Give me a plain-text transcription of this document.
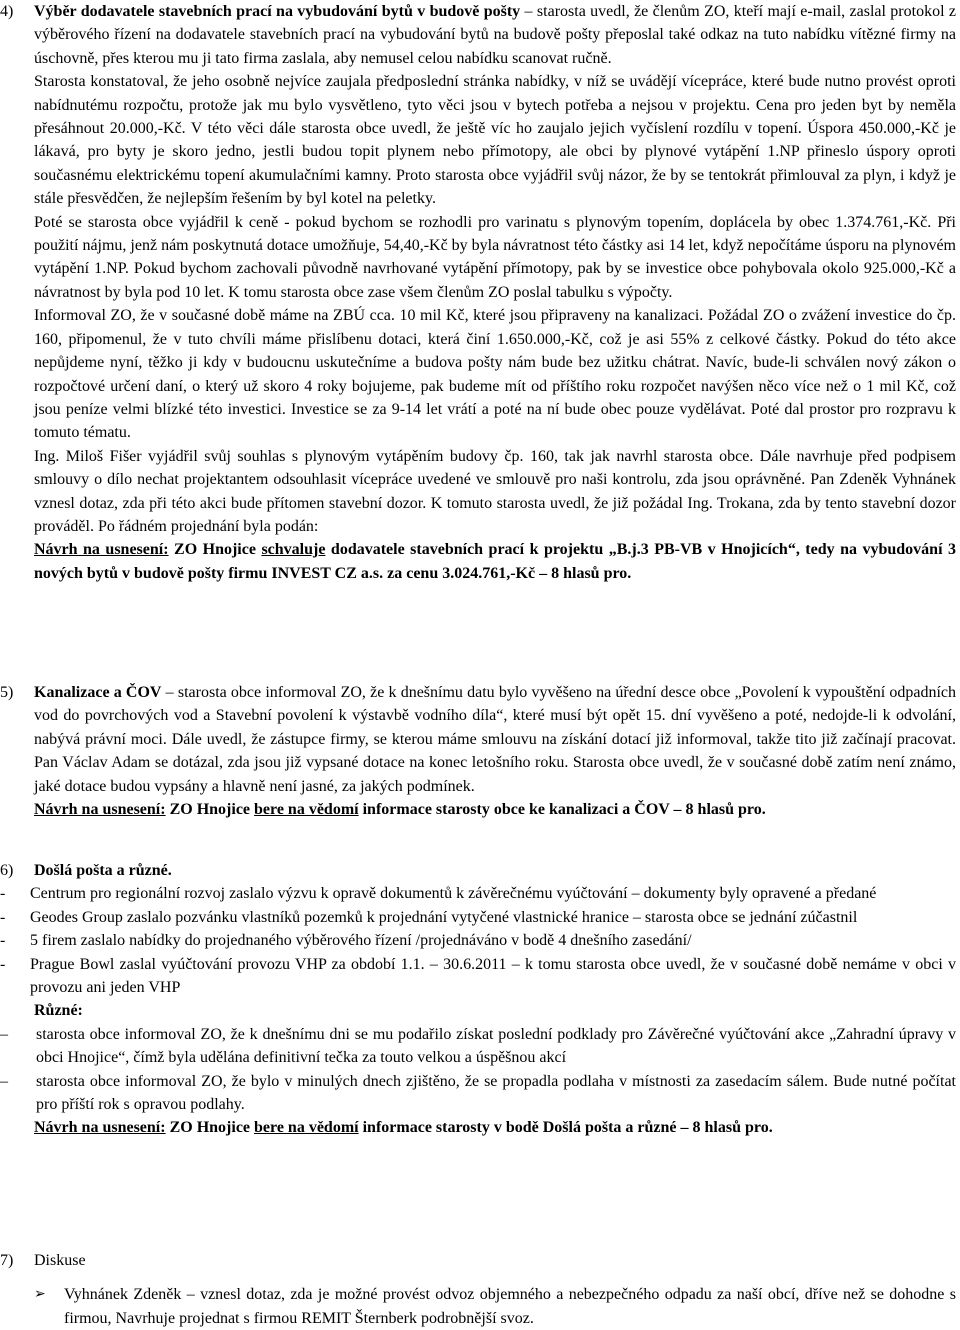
4)	Výběr dodavatele stavebních prací na vybudování bytů v budově pošty – starosta uvedl, že členům ZO, kteří mají e-mail, zaslal protokol z výběrového řízení na dodavatele stavebních prací na vybudování bytů na budově pošty přeposlal také odkaz na tuto nabídku vítězné firmy na úschovně, přes kterou mu ji tato firma zaslala, aby nemusel celou nabídku scanovat ručně.

Starosta konstatoval, že jeho osobně nejvíce zaujala předposlední stránka nabídky, v níž se uvádějí vícepráce, které bude nutno provést oproti nabídnutému rozpočtu, protože jak mu bylo vysvětleno, tyto věci jsou v bytech potřeba a nejsou v projektu. Cena pro jeden byt by neměla přesáhnout 20.000,-Kč. V této věci dále starosta obce uvedl, že ještě víc ho zaujalo jejich vyčíslení rozdílu v topení. Úspora 450.000,-Kč je lákavá, pro byty je skoro jedno, jestli budou topit plynem nebo přímotopy, ale obci by plynové vytápění 1.NP přineslo úspory oproti současnému elektrickému topení akumulačními kamny. Proto starosta obce vyjádřil svůj názor, že by se tentokrát přimlouval za plyn, i když je stále přesvědčen, že nejlepším řešením by byl kotel na peletky.

Poté se starosta obce vyjádřil k ceně - pokud bychom se rozhodli pro varinatu s plynovým topením, doplácela by obec 1.374.761,-Kč. Při použití nájmu, jenž nám poskytnutá dotace umožňuje, 54,40,-Kč by byla návratnost této částky asi 14 let, když nepočítáme úsporu na plynovém vytápění 1.NP. Pokud bychom zachovali původně navrhované vytápění přímotopy, pak by se investice obce pohybovala okolo 925.000,-Kč a návratnost by byla pod 10 let. K tomu starosta obce zase všem členům ZO poslal tabulku s výpočty.

Informoval ZO, že v současné době máme na ZBÚ cca. 10 mil Kč, které jsou připraveny na kanalizaci. Požádal ZO o zvážení investice do čp. 160, připomenul, že v tuto chvíli máme přislíbenu dotaci, která činí 1.650.000,-Kč, což je asi 55% z celkové částky. Pokud do této akce nepůjdeme nyní, těžko ji kdy v budoucnu uskutečníme a budova pošty nám bude bez užitku chátrat. Navíc, bude-li schválen nový zákon o rozpočtové určení daní, o který už skoro 4 roky bojujeme, pak budeme mít od příštího roku rozpočet navýšen něco více než o 1 mil Kč, což jsou peníze velmi blízké této investici. Investice se za 9-14 let vrátí a poté na ní bude obec pouze vydělávat. Poté dal prostor pro rozpravu k tomuto tématu.

Ing. Miloš Fišer vyjádřil svůj souhlas s plynovým vytápěním budovy čp. 160, tak jak navrhl starosta obce. Dále navrhuje před podpisem smlouvy o dílo nechat projektantem odsouhlasit vícepráce uvedené ve smlouvě pro naši kontrolu, zda jsou oprávněné. Pan Zdeněk Vyhnánek vznesl dotaz, zda při této akci bude přítomen stavební dozor. K tomuto starosta uvedl, že již požádal Ing. Trokana, zda by tento stavební dozor prováděl. Po řádném projednání byla podán:

Návrh na usnesení: ZO Hnojice schvaluje dodavatele stavebních prací k projektu „B.j.3 PB-VB v Hnojicích“, tedy na vybudování 3 nových bytů v budově pošty firmu INVEST CZ a.s. za cenu 3.024.761,-Kč – 8 hlasů pro.

5)	Kanalizace a ČOV – starosta obce informoval ZO, že k dnešnímu datu bylo vyvěšeno na úřední desce obce „Povolení k vypouštění odpadních vod do povrchových vod a Stavební povolení k výstavbě vodního díla“, které musí být opět 15. dní vyvěšeno a poté, nedojde-li k odvolání, nabývá právní moci. Dále uvedl, že zástupce firmy, se kterou máme smlouvu na získání dotací již informoval, takže tito již začínají pracovat. Pan Václav Adam se dotázal, zda jsou již vypsané dotace na konec letošního roku. Starosta obce uvedl, že v současné době zatím není známo, jaké dotace budou vypsány a hlavně není jasné, za jakých podmínek.

Návrh na usnesení: ZO Hnojice bere na vědomí informace starosty obce ke kanalizaci a ČOV – 8 hlasů pro.

6)	Došlá pošta a různé.

- Centrum pro regionální rozvoj zaslalo výzvu k opravě dokumentů k závěrečnému vyúčtování – dokumenty byly opravené a předané
- Geodes Group zaslalo pozvánku vlastníků pozemků k projednání vytyčené vlastnické hranice – starosta obce se jednání zúčastnil
- 5 firem zaslalo nabídky do projednaného výběrového řízení /projednáváno v bodě 4 dnešního zasedání/
- Prague Bowl zaslal vyúčtování provozu VHP za období 1.1. – 30.6.2011 – k tomu starosta obce uvedl, že v současné době nemáme v obci v provozu ani jeden VHP

Různé:

– starosta obce informoval ZO, že k dnešnímu dni se mu podařilo získat poslední podklady pro Závěrečné vyúčtování akce „Zahradní úpravy v obci Hnojice“, čímž byla udělána definitivní tečka za touto velkou a úspěšnou akcí
– starosta obce informoval ZO, že bylo v minulých dnech zjištěno, že se propadla podlaha v místnosti za zasedacím sálem. Bude nutné počítat pro příští rok s opravou podlahy.

Návrh na usnesení: ZO Hnojice bere na vědomí informace starosty v bodě Došlá pošta a různé – 8 hlasů pro.

7)	Diskuse

➢ Vyhnánek Zdeněk – vznesl dotaz, zda je možné provést odvoz objemného a nebezpečného odpadu za naší obcí, dříve než se dohodne s firmou, Navrhuje projednat s firmou REMIT Šternberk podrobnější svoz.
